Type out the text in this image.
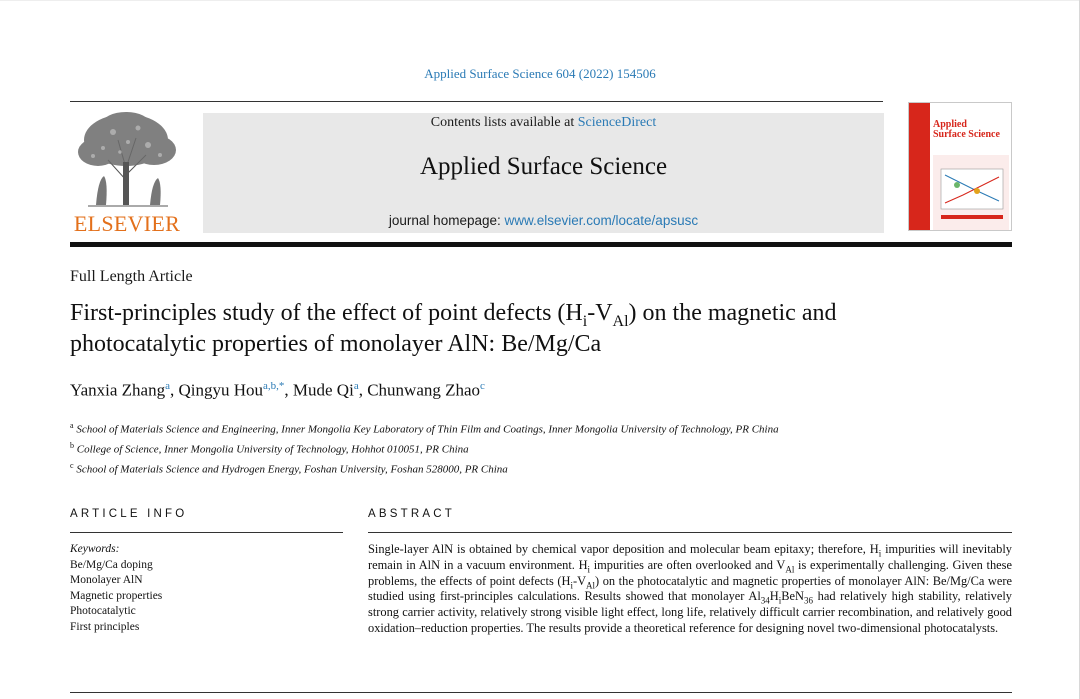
Applied Surface Science 604 (2022) 154506
ELSEVIER
Contents lists available at ScienceDirect
Applied Surface Science
journal homepage: www.elsevier.com/locate/apsusc
Applied
Surface Science
Full Length Article
First-principles study of the effect of point defects $(H_i-V_{Al})$ on the magnetic and photocatalytic properties of monolayer AlN: Be/Mg/Ca
Yanxia Zhang$^a$, Qingyu Hou$^{a,b,*}$, Mude Qi$^a$, Chunwang Zhao$^c$
$^a$ School of Materials Science and Engineering, Inner Mongolia Key Laboratory of Thin Film and Coatings, Inner Mongolia University of Technology, PR China
$^b$ College of Science, Inner Mongolia University of Technology, Hohhot 010051, PR China
$^c$ School of Materials Science and Hydrogen Energy, Foshan University, Foshan 528000, PR China
ARTICLE INFO	ABSTRACT
Keywords:
Be/Mg/Ca doping
Monolayer AlN
Magnetic properties
Photocatalytic
First principles
Single-layer AlN is obtained by chemical vapor deposition and molecular beam epitaxy; therefore, $H_i$ impurities will inevitably remain in AlN in a vacuum environment. $H_i$ impurities are often overlooked and $V_{Al}$ is experimentally challenging. Given these problems, the effects of point defects $(H_i-V_{Al})$ on the photocatalytic and magnetic properties of monolayer AlN: Be/Mg/Ca were studied using first-principles calculations. Results showed that monolayer $Al_{34}H_iBeN_{36}$ had relatively high stability, relatively strong carrier activity, relatively strong visible light effect, long life, relatively difficult carrier recombination, and relatively good oxidation–reduction properties. The results provide a theoretical reference for designing novel two-dimensional photocatalysts.
